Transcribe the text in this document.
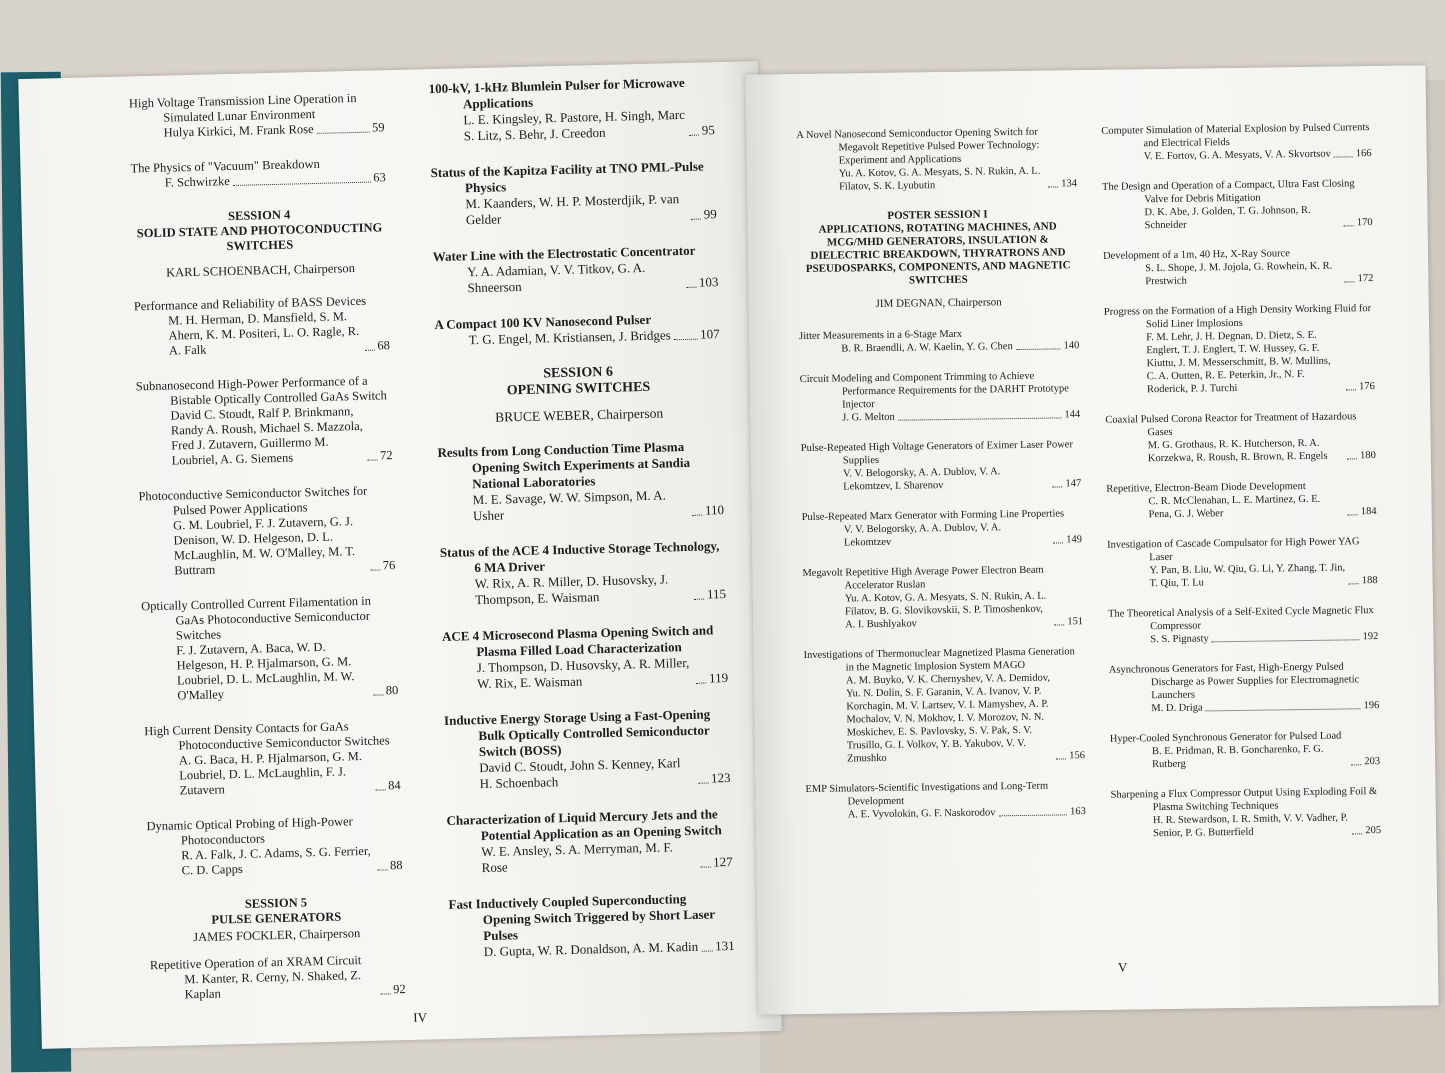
High Voltage Transmission Line Operation in Simulated Lunar Environment
Hulya Kirkici, M. Frank Rose	59
The Physics of "Vacuum" Breakdown
F. Schwirzke	63
SESSION 4
SOLID STATE AND PHOTOCONDUCTING
SWITCHES
KARL SCHOENBACH, Chairperson
Performance and Reliability of BASS Devices
M. H. Herman, D. Mansfield, S. M. Ahern, K. M. Positeri, L. O. Ragle, R. A. Falk	68
Subnanosecond High-Power Performance of a Bistable Optically Controlled GaAs Switch
David C. Stoudt, Ralf P. Brinkmann, Randy A. Roush, Michael S. Mazzola, Fred J. Zutavern, Guillermo M. Loubriel, A. G. Siemens	72
Photoconductive Semiconductor Switches for Pulsed Power Applications
G. M. Loubriel, F. J. Zutavern, G. J. Denison, W. D. Helgeson, D. L. McLaughlin, M. W. O'Malley, M. T. Buttram	76
Optically Controlled Current Filamentation in GaAs Photoconductive Semiconductor Switches
F. J. Zutavern, A. Baca, W. D. Helgeson, H. P. Hjalmarson, G. M. Loubriel, D. L. McLaughlin, M. W. O'Malley	80
High Current Density Contacts for GaAs Photoconductive Semiconductor Switches
A. G. Baca, H. P. Hjalmarson, G. M. Loubriel, D. L. McLaughlin, F. J. Zutavern	84
Dynamic Optical Probing of High-Power Photoconductors
R. A. Falk, J. C. Adams, S. G. Ferrier, C. D. Capps	88
SESSION 5
PULSE GENERATORS
JAMES FOCKLER, Chairperson
Repetitive Operation of an XRAM Circuit
M. Kanter, R. Cerny, N. Shaked, Z. Kaplan	92
100-kV, 1-kHz Blumlein Pulser for Microwave Applications
L. E. Kingsley, R. Pastore, H. Singh, Marc S. Litz, S. Behr, J. Creedon	95
Status of the Kapitza Facility at TNO PML-Pulse Physics
M. Kaanders, W. H. P. Mosterdjik, P. van Gelder	99
Water Line with the Electrostatic Concentrator
Y. A. Adamian, V. V. Titkov, G. A. Shneerson	103
A Compact 100 KV Nanosecond Pulser
T. G. Engel, M. Kristiansen, J. Bridges 107
SESSION 6
OPENING SWITCHES
BRUCE WEBER, Chairperson
Results from Long Conduction Time Plasma Opening Switch Experiments at Sandia National Laboratories
M. E. Savage, W. W. Simpson, M. A. Usher	110
Status of the ACE 4 Inductive Storage Technology, 6 MA Driver
W. Rix, A. R. Miller, D. Husovsky, J. Thompson, E. Waisman	115
ACE 4 Microsecond Plasma Opening Switch and Plasma Filled Load Characterization
J. Thompson, D. Husovsky, A. R. Miller, W. Rix, E. Waisman	119
Inductive Energy Storage Using a Fast-Opening Bulk Optically Controlled Semiconductor Switch (BOSS)
David C. Stoudt, John S. Kenney, Karl H. Schoenbach	123
Characterization of Liquid Mercury Jets and the Potential Application as an Opening Switch
W. E. Ansley, S. A. Merryman, M. F. Rose	127
Fast Inductively Coupled Superconducting Opening Switch Triggered by Short Laser Pulses
D. Gupta, W. R. Donaldson, A. M. Kadin 131
IV
A Novel Nanosecond Semiconductor Opening Switch for Megavolt Repetitive Pulsed Power Technology: Experiment and Applications
Yu. A. Kotov, G. A. Mesyats, S. N. Rukin, A. L. Filatov, S. K. Lyubutin	134
POSTER SESSION I
APPLICATIONS, ROTATING MACHINES, AND MCG/MHD GENERATORS, INSULATION & DIELECTRIC BREAKDOWN, THYRATRONS AND PSEUDOSPARKS, COMPONENTS, AND MAGNETIC SWITCHES
JIM DEGNAN, Chairperson
Jitter Measurements in a 6-Stage Marx
B. R. Braendli, A. W. Kaelin, Y. G. Chen	140
Circuit Modeling and Component Trimming to Achieve Performance Requirements for the DARHT Prototype Injector
J. G. Melton	144
Pulse-Repeated High Voltage Generators of Eximer Laser Power Supplies
V. V. Belogorsky, A. A. Dublov, V. A. Lekomtzev, I. Sharenov	147
Pulse-Repeated Marx Generator with Forming Line Properties
V. V. Belogorsky, A. A. Dublov, V. A. Lekomtzev	149
Megavolt Repetitive High Average Power Electron Beam Accelerator Ruslan
Yu. A. Kotov, G. A. Mesyats, S. N. Rukin, A. L. Filatov, B. G. Slovikovskii, S. P. Timoshenkov, A. I. Bushlyakov	151
Investigations of Thermonuclear Magnetized Plasma Generation in the Magnetic Implosion System MAGO
A. M. Buyko, V. K. Chernyshev, V. A. Demidov, Yu. N. Dolin, S. F. Garanin, V. A. Ivanov, V. P. Korchagin, M. V. Lartsev, V. I. Mamyshev, A. P. Mochalov, V. N. Mokhov, I. V. Morozov, N. N. Moskichev, E. S. Pavlovsky, S. V. Pak, S. V. Trusillo, G. I. Volkov, Y. B. Yakubov, V. V. Zmushko	156
EMP Simulators-Scientific Investigations and Long-Term Development
A. E. Vyvolokin, G. F. Naskorodov	163
Computer Simulation of Material Explosion by Pulsed Currents and Electrical Fields
V. E. Fortov, G. A. Mesyats, V. A. Skvortsov 166
The Design and Operation of a Compact, Ultra Fast Closing Valve for Debris Mitigation
D. K. Abe, J. Golden, T. G. Johnson, R. Schneider	170
Development of a 1m, 40 Hz, X-Ray Source
S. L. Shope, J. M. Jojola, G. Rowhein, K. R. Prestwich	172
Progress on the Formation of a High Density Working Fluid for Solid Liner Implosions
F. M. Lehr, J. H. Degnan, D. Dietz, S. E. Englert, T. J. Englert, T. W. Hussey, G. F. Kiuttu, J. M. Messerschmitt, B. W. Mullins, C. A. Outten, R. E. Peterkin, Jr., N. F. Roderick, P. J. Turchi	176
Coaxial Pulsed Corona Reactor for Treatment of Hazardous Gases
M. G. Grothaus, R. K. Hutcherson, R. A. Korzekwa, R. Roush, R. Brown, R. Engels	180
Repetitive, Electron-Beam Diode Development
C. R. McClenahan, L. E. Martinez, G. E. Pena, G. J. Weber	184
Investigation of Cascade Compulsator for High Power YAG Laser
Y. Pan, B. Liu, W. Qiu, G. Li, Y. Zhang, T. Jin, T. Qiu, T. Lu	188
The Theoretical Analysis of a Self-Exited Cycle Magnetic Flux Compressor
S. S. Pignasty	192
Asynchronous Generators for Fast, High-Energy Pulsed Discharge as Power Supplies for Electromagnetic Launchers
M. D. Driga	196
Hyper-Cooled Synchronous Generator for Pulsed Load
B. E. Pridman, R. B. Goncharenko, F. G. Rutberg	203
Sharpening a Flux Compressor Output Using Exploding Foil & Plasma Switching Techniques
H. R. Stewardson, I. R. Smith, V. V. Vadher, P. Senior, P. G. Butterfield	205
V
